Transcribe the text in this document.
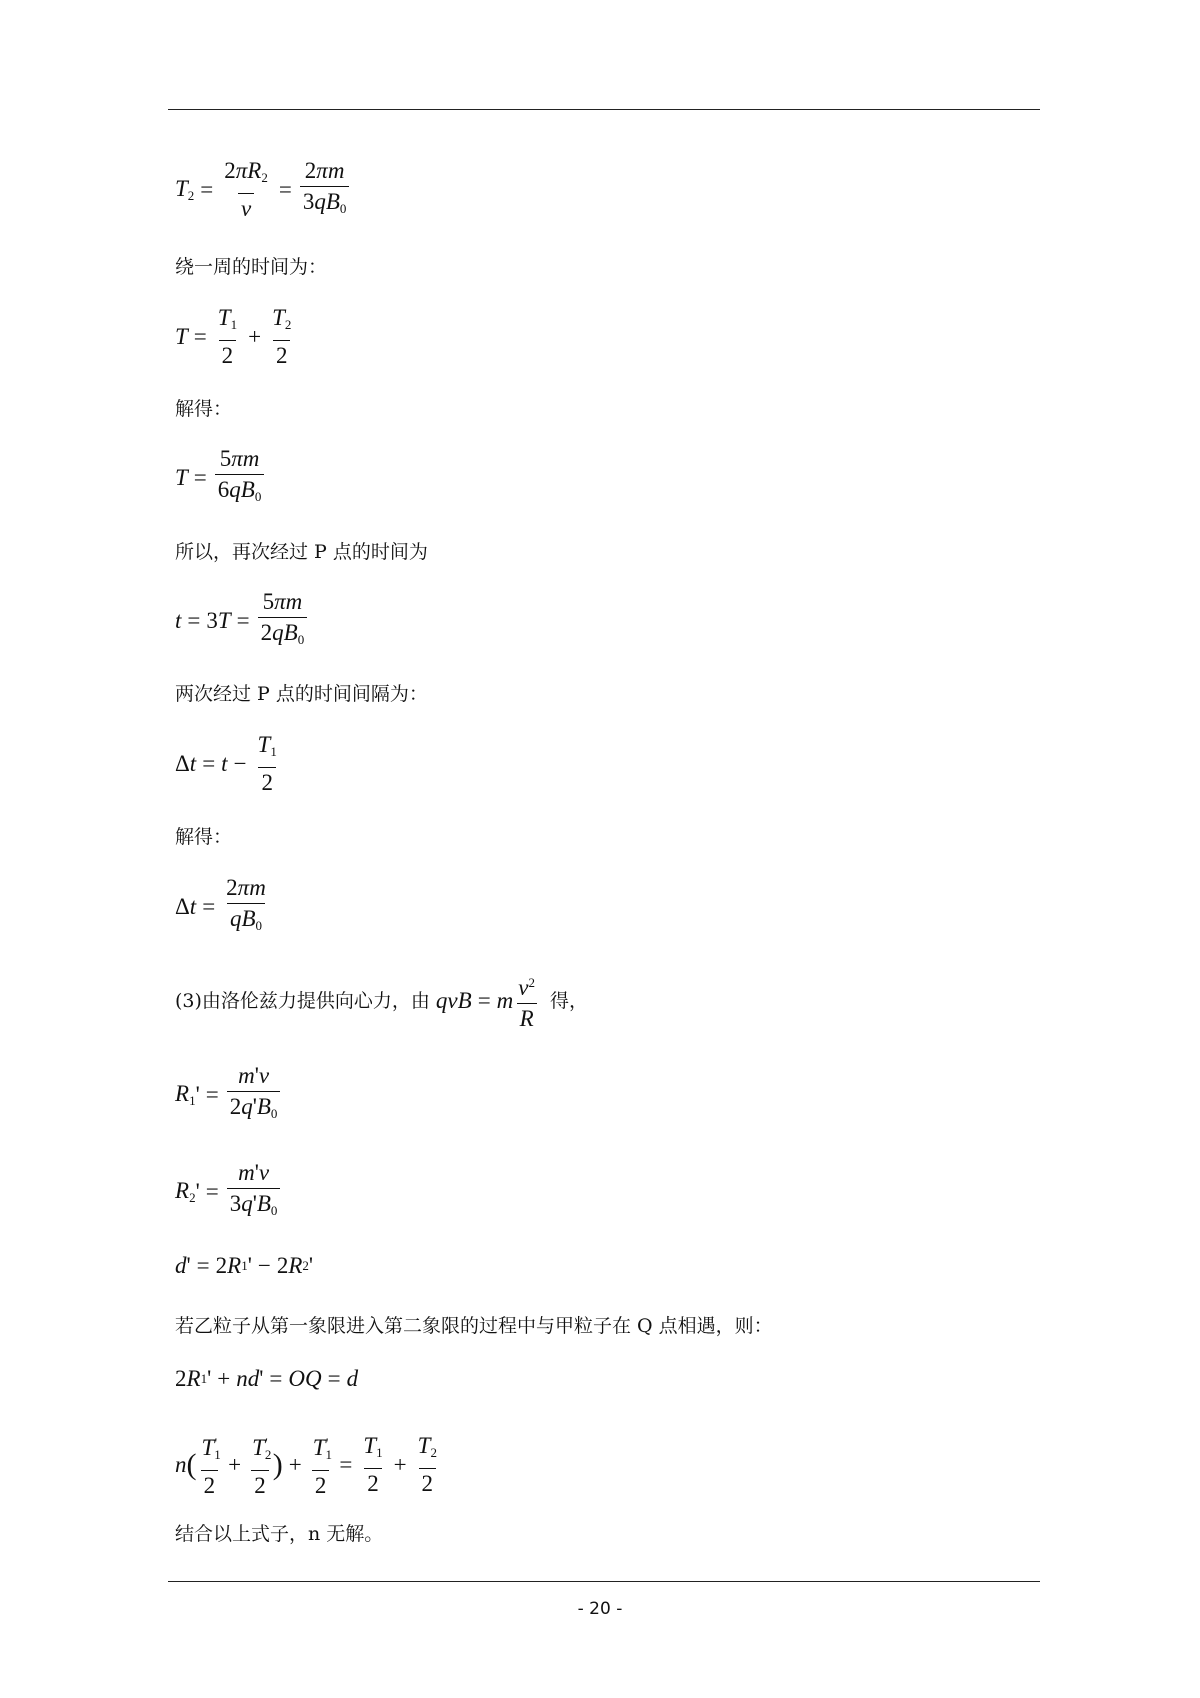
$T_2 = \frac{2\pi R_2}{v} = \frac{2\pi m}{3qB_0}$
绕一周的时间为：
$T = \frac{T_1}{2} + \frac{T_2}{2}$
解得：
$T = \frac{5\pi m}{6qB_0}$
所以，再次经过 P 点的时间为
t = 3 $T = \frac{5\pi m}{2qB_0}$
两次经过 P 点的时间间隔为：
Δ $t = t - \frac{T_1}{2}$
解得：
Δ $t = \frac{2\pi m}{qB_0}$
(3)由洛伦兹力提供向心力，由 qvB = m $\frac{v^2}{R}$ 得，
$R_1$ ' = $\frac{m'v}{2q'B_0}$
$R_2$ ' = $\frac{m'v}{3q'B_0}$
d ' = 2 R 1 ' − 2 R 2 '
若乙粒子从第一象限进入第二象限的过程中与甲粒子在 Q 点相遇，则：
2 R 1 ' + nd ' = OQ = d
n ( $\frac{T_1'}{2} + \frac{T_2'}{2}$ ) + $\frac{T_1'}{2} = \frac{T_1}{2} + \frac{T_2}{2}$
结合以上式子，n 无解。
- 20 -
